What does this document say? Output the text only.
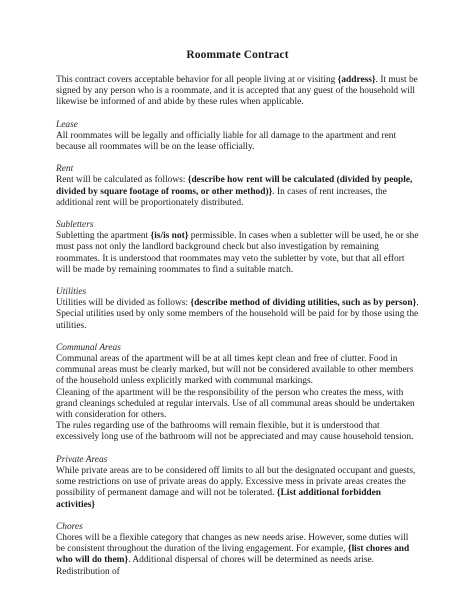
Roommate Contract

This contract covers acceptable behavior for all people living at or visiting {address}. It must be signed by any person who is a roommate, and it is accepted that any guest of the household will likewise be informed of and abide by these rules when applicable.

Lease

All roommates will be legally and officially liable for all damage to the apartment and rent because all roommates will be on the lease officially.

Rent

Rent will be calculated as follows: {describe how rent will be calculated (divided by people, divided by square footage of rooms, or other method)}. In cases of rent increases, the additional rent will be proportionately distributed.

Subletters

Subletting the apartment {is/is not} permissible. In cases when a subletter will be used, he or she must pass not only the landlord background check but also investigation by remaining roommates. It is understood that roommates may veto the subletter by vote, but that all effort will be made by remaining roommates to find a suitable match.

Utilities

Utilities will be divided as follows: {describe method of dividing utilities, such as by person}. Special utilities used by only some members of the household will be paid for by those using the utilities.

Communal Areas

Communal areas of the apartment will be at all times kept clean and free of clutter. Food in communal areas must be clearly marked, but will not be considered available to other members of the household unless explicitly marked with communal markings.

Cleaning of the apartment will be the responsibility of the person who creates the mess, with grand cleanings scheduled at regular intervals. Use of all communal areas should be undertaken with consideration for others.

The rules regarding use of the bathrooms will remain flexible, but it is understood that excessively long use of the bathroom will not be appreciated and may cause household tension.

Private Areas

While private areas are to be considered off limits to all but the designated occupant and guests, some restrictions on use of private areas do apply. Excessive mess in private areas creates the possibility of permanent damage and will not be tolerated. {List additional forbidden activities}

Chores

Chores will be a flexible category that changes as new needs arise. However, some duties will be consistent throughout the duration of the living engagement. For example, {list chores and who will do them}. Additional dispersal of chores will be determined as needs arise. Redistribution of
